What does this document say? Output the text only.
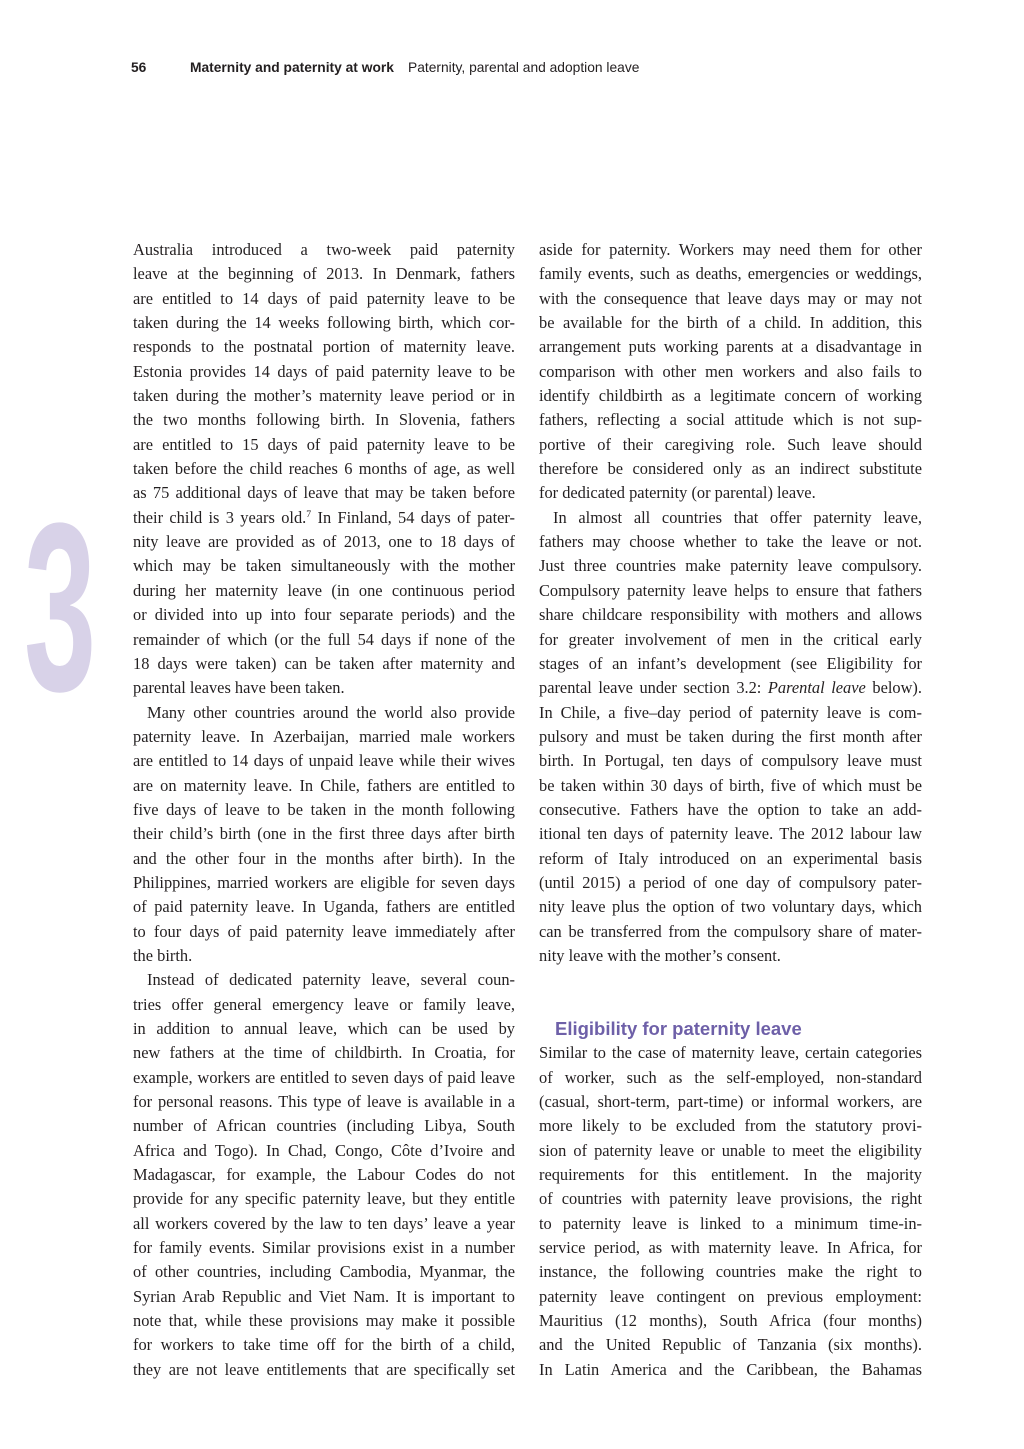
56	Maternity and paternity at work Paternity, parental and adoption leave
3
Australia introduced a two-week paid paternity
leave at the beginning of 2013. In Denmark, fathers
are entitled to 14 days of paid paternity leave to be
taken during the 14 weeks following birth, which cor-
responds to the postnatal portion of maternity leave.
Estonia provides 14 days of paid paternity leave to be
taken during the mother’s maternity leave period or in
the two months following birth. In Slovenia, fathers
are entitled to 15 days of paid paternity leave to be
taken before the child reaches 6 months of age, as well
as 75 additional days of leave that may be taken before
their child is 3 years old.$^7$ In Finland, 54 days of pater-
nity leave are provided as of 2013, one to 18 days of
which may be taken simultaneously with the mother
during her maternity leave (in one continuous period
or divided into up into four separate periods) and the
remainder of which (or the full 54 days if none of the
18 days were taken) can be taken after maternity and
parental leaves have been taken.
Many other countries around the world also provide
paternity leave. In Azerbaijan, married male workers
are entitled to 14 days of unpaid leave while their wives
are on maternity leave. In Chile, fathers are entitled to
five days of leave to be taken in the month following
their child’s birth (one in the first three days after birth
and the other four in the months after birth). In the
Philippines, married workers are eligible for seven days
of paid paternity leave. In Uganda, fathers are entitled
to four days of paid paternity leave immediately after
the birth.
Instead of dedicated paternity leave, several coun-
tries offer general emergency leave or family leave,
in addition to annual leave, which can be used by
new fathers at the time of childbirth. In Croatia, for
example, workers are entitled to seven days of paid leave
for personal reasons. This type of leave is available in a
number of African countries (including Libya, South
Africa and Togo). In Chad, Congo, Côte d’Ivoire and
Madagascar, for example, the Labour Codes do not
provide for any specific paternity leave, but they entitle
all workers covered by the law to ten days’ leave a year
for family events. Similar provisions exist in a number
of other countries, including Cambodia, Myanmar, the
Syrian Arab Republic and Viet Nam. It is important to
note that, while these provisions may make it possible
for workers to take time off for the birth of a child,
they are not leave entitlements that are specifically set
aside for paternity. Workers may need them for other
family events, such as deaths, emergencies or weddings,
with the consequence that leave days may or may not
be available for the birth of a child. In addition, this
arrangement puts working parents at a disadvantage in
comparison with other men workers and also fails to
identify childbirth as a legitimate concern of working
fathers, reflecting a social attitude which is not sup-
portive of their caregiving role. Such leave should
therefore be considered only as an indirect substitute
for dedicated paternity (or parental) leave.
In almost all countries that offer paternity leave,
fathers may choose whether to take the leave or not.
Just three countries make paternity leave compulsory.
Compulsory paternity leave helps to ensure that fathers
share childcare responsibility with mothers and allows
for greater involvement of men in the critical early
stages of an infant’s development (see Eligibility for
parental leave under section 3.2: Parental leave below).
In Chile, a five–day period of paternity leave is com-
pulsory and must be taken during the first month after
birth. In Portugal, ten days of compulsory leave must
be taken within 30 days of birth, five of which must be
consecutive. Fathers have the option to take an add-
itional ten days of paternity leave. The 2012 labour law
reform of Italy introduced on an experimental basis
(until 2015) a period of one day of compulsory pater-
nity leave plus the option of two voluntary days, which
can be transferred from the compulsory share of mater-
nity leave with the mother’s consent.
Eligibility for paternity leave
Similar to the case of maternity leave, certain categories
of worker, such as the self-employed, non-standard
(casual, short-term, part-time) or informal workers, are
more likely to be excluded from the statutory provi-
sion of paternity leave or unable to meet the eligibility
requirements for this entitlement. In the majority
of countries with paternity leave provisions, the right
to paternity leave is linked to a minimum time-in-
service period, as with maternity leave. In Africa, for
instance, the following countries make the right to
paternity leave contingent on previous employment:
Mauritius (12 months), South Africa (four months)
and the United Republic of Tanzania (six months).
In Latin America and the Caribbean, the Bahamas
